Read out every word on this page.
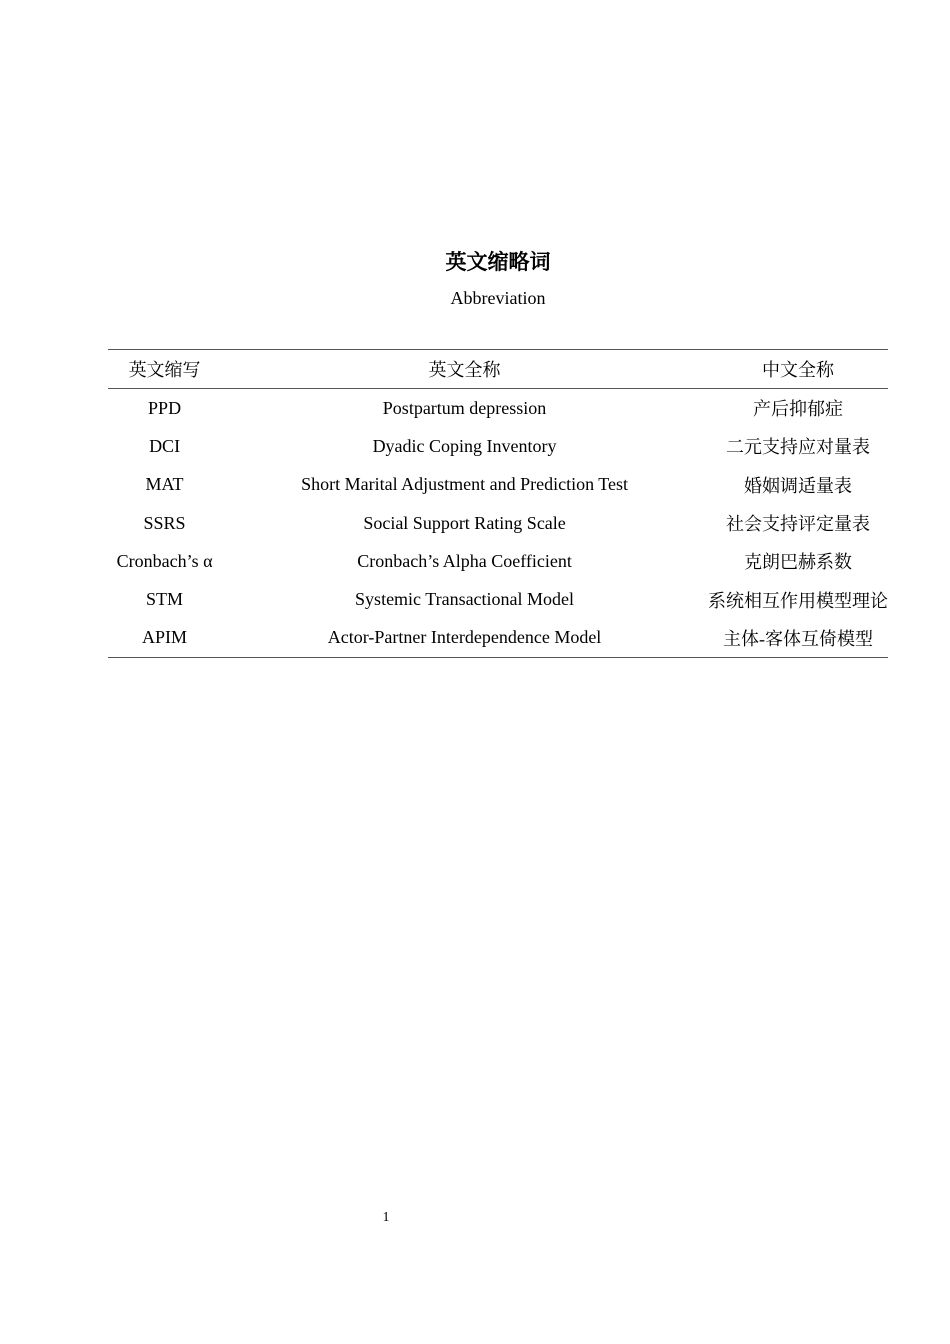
英文缩略词
Abbreviation
英文缩写	英文全称	中文全称
PPD	Postpartum depression	产后抑郁症
DCI	Dyadic Coping Inventory	二元支持应对量表
MAT	Short Marital Adjustment and Prediction Test	婚姻调适量表
SSRS	Social Support Rating Scale	社会支持评定量表
Cronbach’s α	Cronbach’s Alpha Coefficient	克朗巴赫系数
STM	Systemic Transactional Model	系统相互作用模型理论
APIM	Actor-Partner Interdependence Model	主体-客体互倚模型
1
